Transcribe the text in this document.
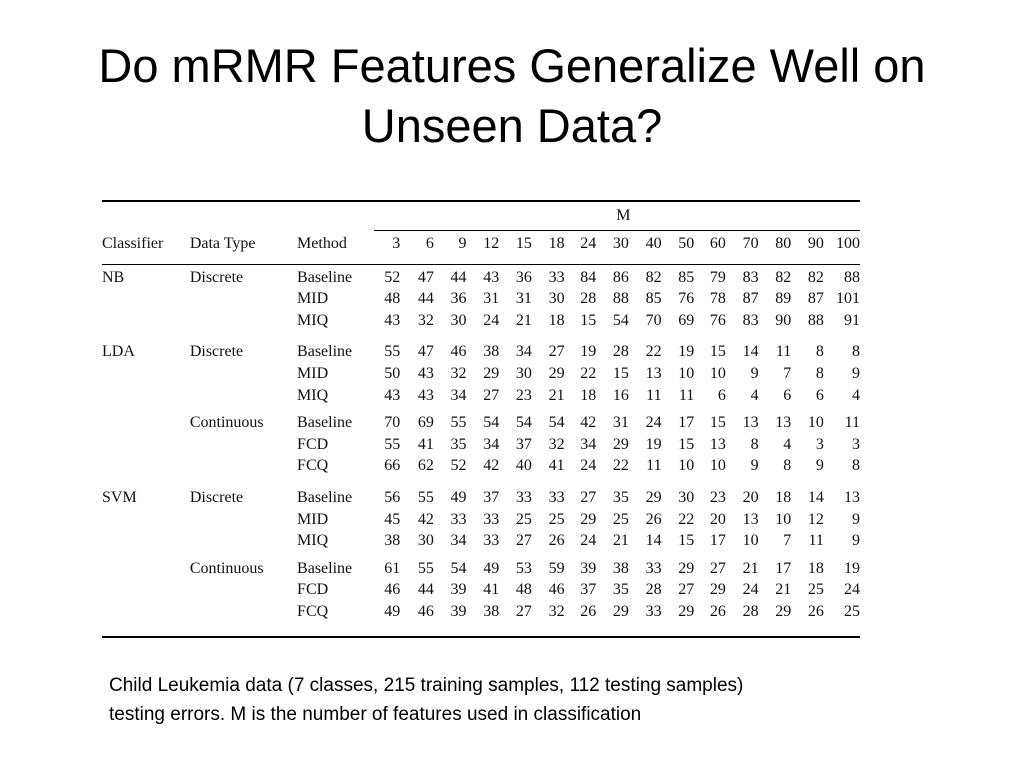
Do mRMR Features Generalize Well on
Unseen Data?
			M														
Classifier	Data Type	Method	3	6	9	12	15	18	24	30	40	50	60	70	80	90	100

NB	Discrete	Baseline	52	47	44	43	36	33	84	86	82	85	79	83	82	82	88
		MID	48	44	36	31	31	30	28	88	85	76	78	87	89	87	101
		MIQ	43	32	30	24	21	18	15	54	70	69	76	83	90	88	91

LDA	Discrete	Baseline	55	47	46	38	34	27	19	28	22	19	15	14	11	8	8
		MID	50	43	32	29	30	29	22	15	13	10	10	9	7	8	9
		MIQ	43	43	34	27	23	21	18	16	11	11	6	4	6	6	4

	Continuous	Baseline	70	69	55	54	54	54	42	31	24	17	15	13	13	10	11
		FCD	55	41	35	34	37	32	34	29	19	15	13	8	4	3	3
		FCQ	66	62	52	42	40	41	24	22	11	10	10	9	8	9	8

SVM	Discrete	Baseline	56	55	49	37	33	33	27	35	29	30	23	20	18	14	13
		MID	45	42	33	33	25	25	29	25	26	22	20	13	10	12	9
		MIQ	38	30	34	33	27	26	24	21	14	15	17	10	7	11	9

	Continuous	Baseline	61	55	54	49	53	59	39	38	33	29	27	21	17	18	19
		FCD	46	44	39	41	48	46	37	35	28	27	29	24	21	25	24
		FCQ	49	46	39	38	27	32	26	29	33	29	26	28	29	26	25
Child Leukemia data (7 classes, 215 training samples, 112 testing samples)
testing errors. M is the number of features used in classification
